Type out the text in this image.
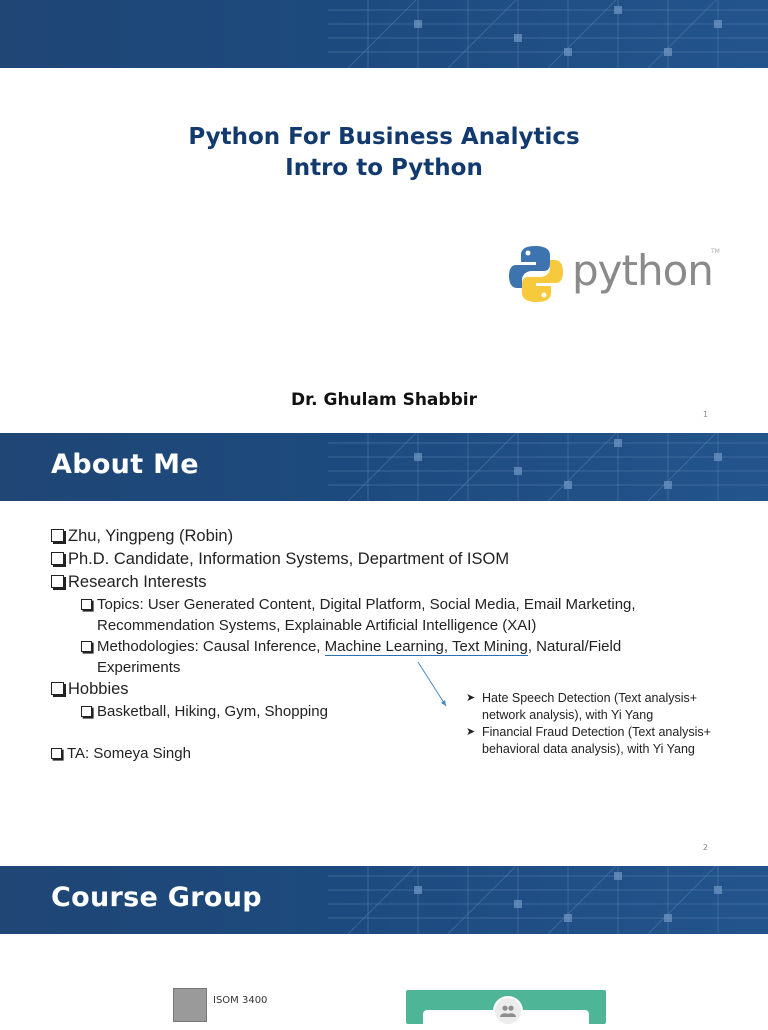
Python For Business Analytics
Intro to Python
python
TM
Dr. Ghulam Shabbir
1
About Me
2
Zhu, Yingpeng (Robin)
Ph.D. Candidate, Information Systems, Department of ISOM
Research Interests
Topics: User Generated Content, Digital Platform, Social Media, Email Marketing, Recommendation Systems, Explainable Artificial Intelligence (XAI)
Methodologies: Causal Inference, Machine Learning, Text Mining, Natural/Field Experiments
Hobbies
Basketball, Hiking, Gym, Shopping
TA: Someya Singh
➤ Hate Speech Detection (Text analysis+ network analysis), with Yi Yang
➤ Financial Fraud Detection (Text analysis+ behavioral data analysis), with Yi Yang
Course Group
ISOM 3400
